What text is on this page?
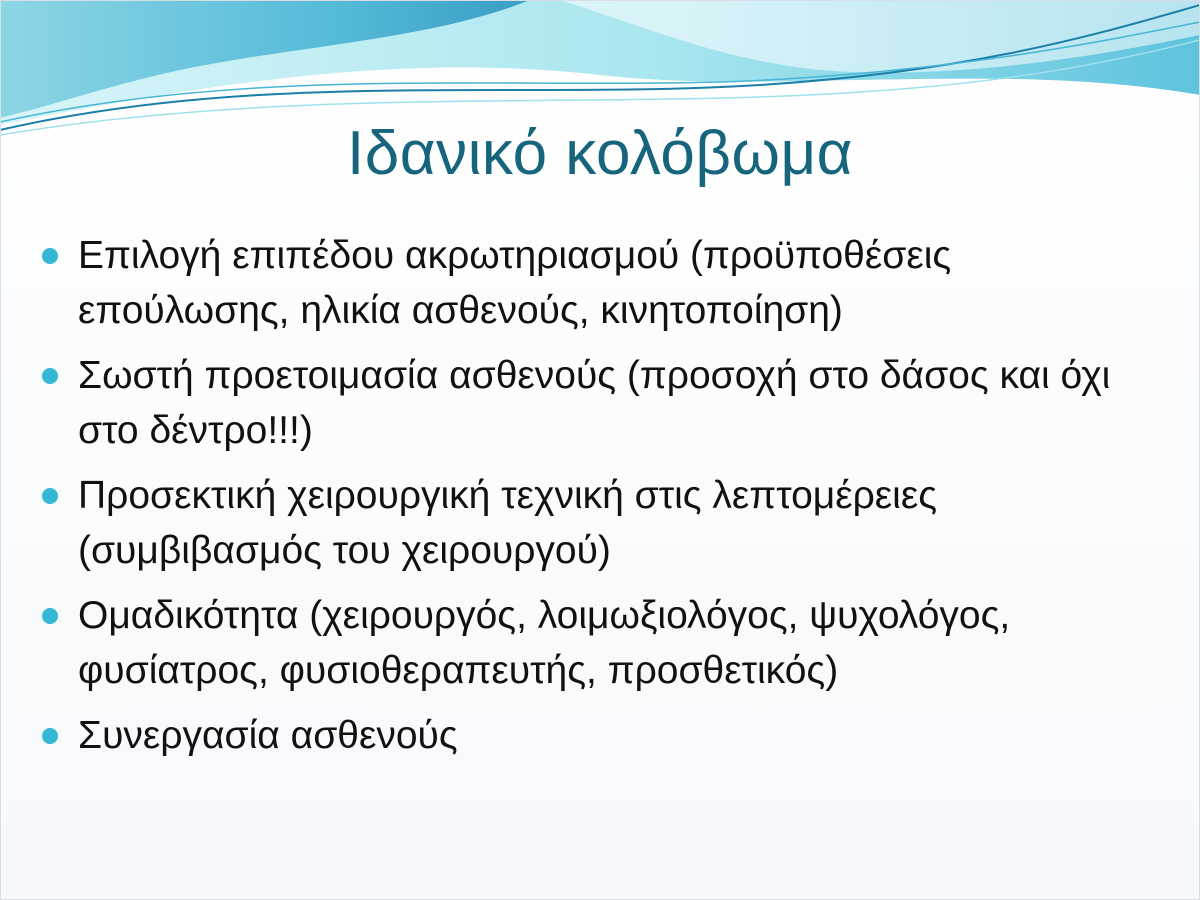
Ιδανικό κολόβωμα
Επιλογή επιπέδου ακρωτηριασμού (προϋποθέσεις επούλωσης, ηλικία ασθενούς, κινητοποίηση)
Σωστή προετοιμασία ασθενούς (προσοχή στο δάσος και όχι στο δέντρο!!!)
Προσεκτική χειρουργική τεχνική στις λεπτομέρειες (συμβιβασμός του χειρουργού)
Ομαδικότητα (χειρουργός, λοιμωξιολόγος, ψυχολόγος, φυσίατρος, φυσιοθεραπευτής, προσθετικός)
Συνεργασία ασθενούς
